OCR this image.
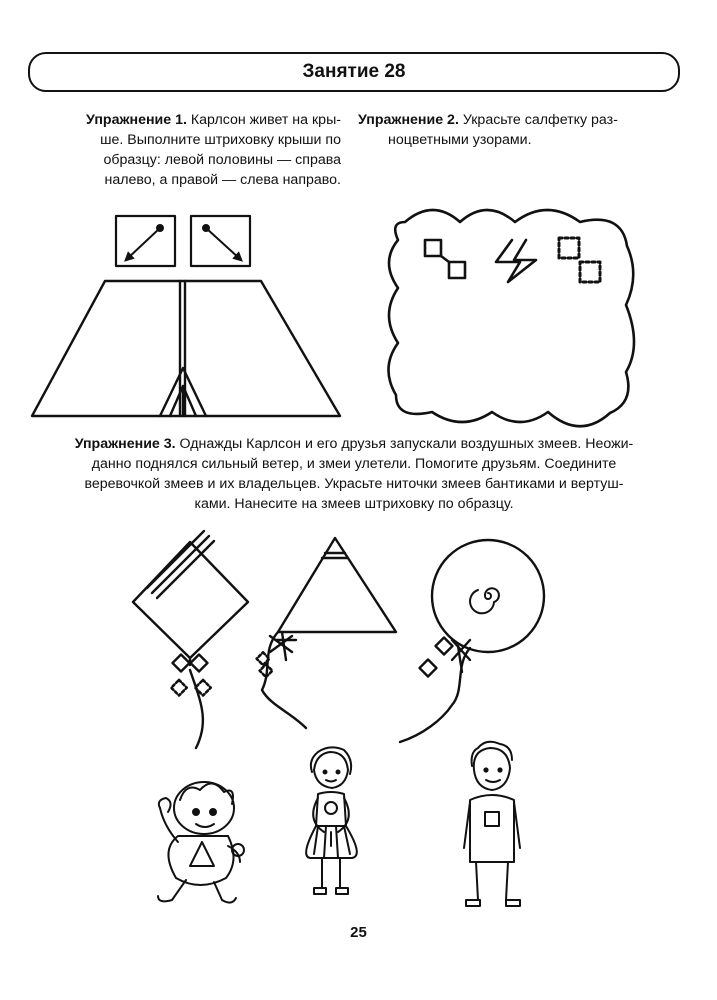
Занятие 28
Упражнение 1. Карлсон живет на кры-
ше. Выполните штриховку крыши по
образцу: левой половины — справа
налево, а правой — слева направо.
Упражнение 2. Украсьте салфетку раз-
ноцветными узорами.
Упражнение 3. Однажды Карлсон и его друзья запускали воздушных змеев. Неожи-
данно поднялся сильный ветер, и змеи улетели. Помогите друзьям. Соедините
веревочкой змеев и их владельцев. Украсьте ниточки змеев бантиками и вертуш-
ками. Нанесите на змеев штриховку по образцу.
25
